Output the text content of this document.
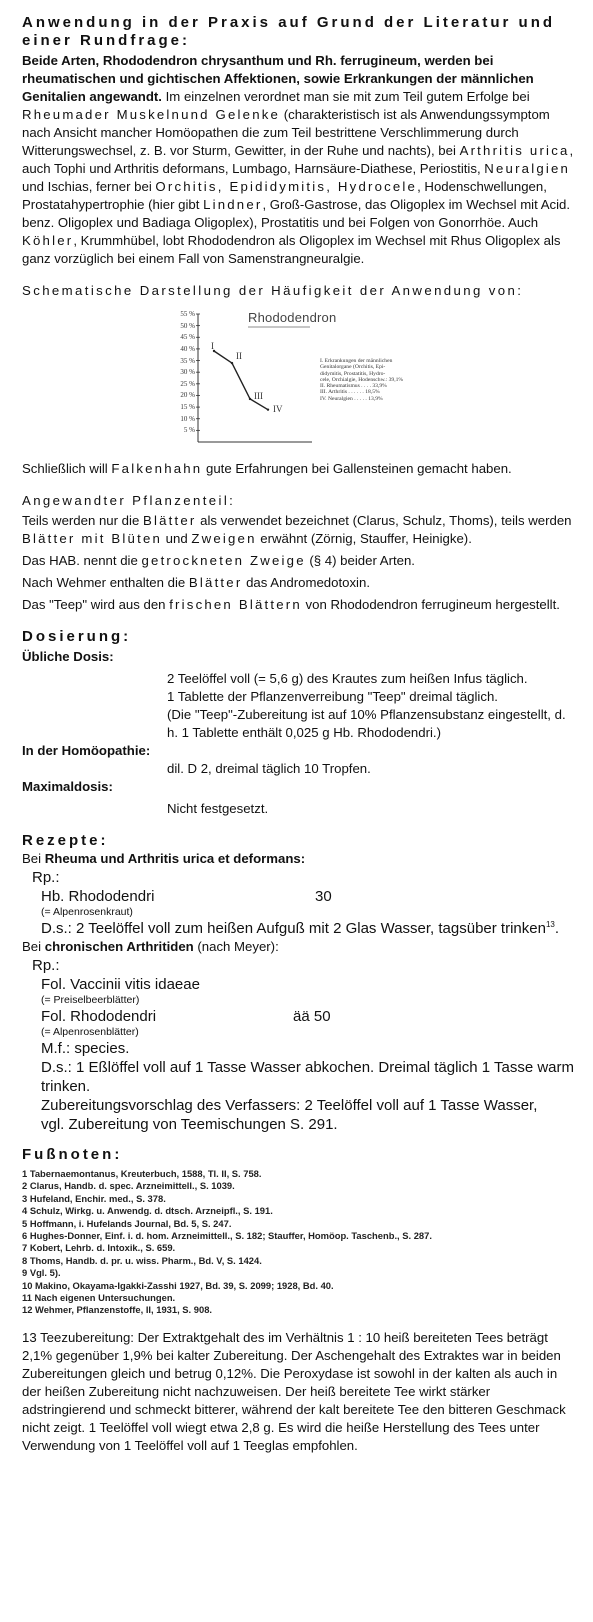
Anwendung in der Praxis auf Grund der Literatur und einer Rundfrage:

Beide Arten, Rhododendron chrysanthum und Rh. ferrugineum, werden bei rheumatischen und gichtischen Affektionen, sowie Erkrankungen der männlichen Genitalien angewandt. Im einzelnen verordnet man sie mit zum Teil gutem Erfolge bei Rheumader Muskelnund Gelenke (charakteristisch ist als Anwendungssymptom nach Ansicht mancher Homöopathen die zum Teil bestrittene Verschlimmerung durch Witterungswechsel, z. B. vor Sturm, Gewitter, in der Ruhe und nachts), bei Arthritis urica, auch Tophi und Arthritis deformans, Lumbago, Harnsäure-Diathese, Periostitis, Neuralgien und Ischias, ferner bei Orchitis, Epididymitis, Hydrocele, Hodenschwellungen, Prostatahypertrophie (hier gibt Lindner, Groß-Gastrose, das Oligoplex im Wechsel mit Acid. benz. Oligoplex und Badiaga Oligoplex), Prostatitis und bei Folgen von Gonorrhöe. Auch Köhler, Krummhübel, lobt Rhododendron als Oligoplex im Wechsel mit Rhus Oligoplex als ganz vorzüglich bei einem Fall von Samenstrangneuralgie.

Schematische Darstellung der Häufigkeit der Anwendung von:
55 %
50 %
45 %
40 %
35 %
30 %
25 %
20 %
15 %
10 %
5 %
I
II
III
IV
Rhododendron
I. Erkrankungen der männlichen
Genitalorgane (Orchitis, Epi-
didymitis, Prostatitis, Hydro-
cele, Orchialgie, Hodenschw.: 39,1%
II. Rheumatismus . . . . 33,9%
III. Arthritis . . . . . . 18,5%
IV. Neuralgien . . . . . 13,9%

Schließlich will Falkenhahn gute Erfahrungen bei Gallensteinen gemacht haben.

Angewandter Pflanzenteil:

Teils werden nur die Blätter als verwendet bezeichnet (Clarus, Schulz, Thoms), teils werden Blätter mit Blüten und Zweigen erwähnt (Zörnig, Stauffer, Heinigke).

Das HAB. nennt die getrockneten Zweige (§ 4) beider Arten.

Nach Wehmer enthalten die Blätter das Andromedotoxin.

Das "Teep" wird aus den frischen Blättern von Rhododendron ferrugineum hergestellt.

Dosierung:
Übliche Dosis:
2 Teelöffel voll (= 5,6 g) des Krautes zum heißen Infus täglich.
1 Tablette der Pflanzenverreibung "Teep" dreimal täglich.
(Die "Teep"-Zubereitung ist auf 10% Pflanzensubstanz eingestellt, d. h. 1 Tablette enthält 0,025 g Hb. Rhododendri.)
In der Homöopathie:
dil. D 2, dreimal täglich 10 Tropfen.
Maximaldosis:
Nicht festgesetzt.
Rezepte:
Bei Rheuma und Arthritis urica et deformans:
Rp.:
Hb. Rhododendri	30
(= Alpenrosenkraut)
D.s.: 2 Teelöffel voll zum heißen Aufguß mit 2 Glas Wasser, tagsüber trinken$^{13}$.
Bei chronischen Arthritiden (nach Meyer):
Rp.:
Fol. Vaccinii vitis idaeae
(= Preiselbeerblätter)
Fol. Rhododendri	ää 50
(= Alpenrosenblätter)
M.f.: species.
D.s.: 1 Eßlöffel voll auf 1 Tasse Wasser abkochen. Dreimal täglich 1 Tasse warm trinken.
Zubereitungsvorschlag des Verfassers: 2 Teelöffel voll auf 1 Tasse Wasser,
vgl. Zubereitung von Teemischungen S. 291.
Fußnoten:
1 Tabernaemontanus, Kreuterbuch, 1588, Tl. II, S. 758.
2 Clarus, Handb. d. spec. Arzneimittell., S. 1039.
3 Hufeland, Enchir. med., S. 378.
4 Schulz, Wirkg. u. Anwendg. d. dtsch. Arzneipfl., S. 191.
5 Hoffmann, i. Hufelands Journal, Bd. 5, S. 247.
6 Hughes-Donner, Einf. i. d. hom. Arzneimittell., S. 182; Stauffer, Homöop. Taschenb., S. 287.
7 Kobert, Lehrb. d. Intoxik., S. 659.
8 Thoms, Handb. d. pr. u. wiss. Pharm., Bd. V, S. 1424.
9 Vgl. 5).
10 Makino, Okayama-Igakki-Zasshi 1927, Bd. 39, S. 2099; 1928, Bd. 40.
11 Nach eigenen Untersuchungen.
12 Wehmer, Pflanzenstoffe, II, 1931, S. 908.

13 Teezubereitung: Der Extraktgehalt des im Verhältnis 1 : 10 heiß bereiteten Tees beträgt 2,1% gegenüber 1,9% bei kalter Zubereitung. Der Aschengehalt des Extraktes war in beiden Zubereitungen gleich und betrug 0,12%. Die Peroxydase ist sowohl in der kalten als auch in der heißen Zubereitung nicht nachzuweisen. Der heiß bereitete Tee wirkt stärker adstringierend und schmeckt bitterer, während der kalt bereitete Tee den bitteren Geschmack nicht zeigt. 1 Teelöffel voll wiegt etwa 2,8 g. Es wird die heiße Herstellung des Tees unter Verwendung von 1 Teelöffel voll auf 1 Teeglas empfohlen.
